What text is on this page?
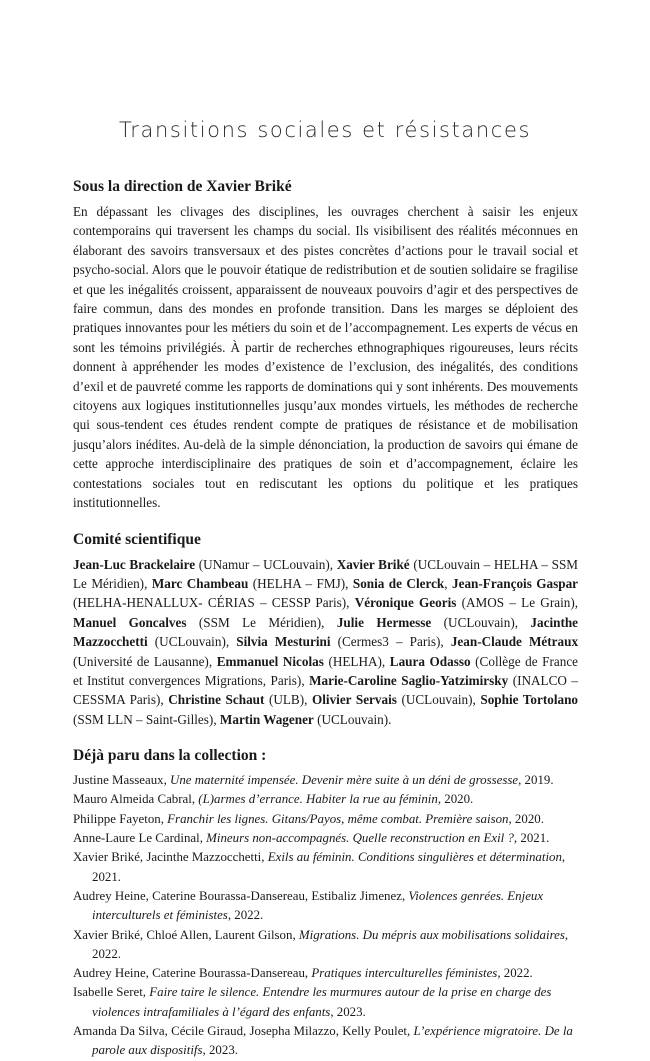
Transitions sociales et résistances
Sous la direction de Xavier Briké

En dépassant les clivages des disciplines, les ouvrages cherchent à saisir les enjeux contemporains qui traversent les champs du social. Ils visibilisent des réalités méconnues en élaborant des savoirs transversaux et des pistes concrètes d’actions pour le travail social et psycho-social. Alors que le pouvoir étatique de redistribution et de soutien solidaire se fragilise et que les inégalités croissent, apparaissent de nouveaux pouvoirs d’agir et des perspectives de faire commun, dans des mondes en profonde transition. Dans les marges se déploient des pratiques innovantes pour les métiers du soin et de l’accompagnement. Les experts de vécus en sont les témoins privilégiés. À partir de recherches ethnographiques rigoureuses, leurs récits donnent à appréhender les modes d’existence de l’exclusion, des inégalités, des conditions d’exil et de pauvreté comme les rapports de dominations qui y sont inhérents. Des mouvements citoyens aux logiques institutionnelles jusqu’aux mondes virtuels, les méthodes de recherche qui sous-tendent ces études rendent compte de pratiques de résistance et de mobilisation jusqu’alors inédites. Au-delà de la simple dénonciation, la production de savoirs qui émane de cette approche interdisciplinaire des pratiques de soin et d’accompagnement, éclaire les contestations sociales tout en rediscutant les options du politique et les pratiques institutionnelles.

Comité scientifique

Jean-Luc Brackelaire (UNamur – UCLouvain), Xavier Briké (UCLouvain – HELHA – SSM Le Méridien), Marc Chambeau (HELHA – FMJ), Sonia de Clerck, Jean-François Gaspar (HELHA-HENALLUX- CÉRIAS – CESSP Paris), Véronique Georis (AMOS – Le Grain), Manuel Goncalves (SSM Le Méridien), Julie Hermesse (UCLouvain), Jacinthe Mazzocchetti (UCLouvain), Silvia Mesturini (Cermes3 – Paris), Jean-Claude Métraux (Université de Lausanne), Emmanuel Nicolas (HELHA), Laura Odasso (Collège de France et Institut convergences Migrations, Paris), Marie-Caroline Saglio-Yatzimirsky (INALCO – CESSMA Paris), Christine Schaut (ULB), Olivier Servais (UCLouvain), Sophie Tortolano (SSM LLN – Saint-Gilles), Martin Wagener (UCLouvain).

Déjà paru dans la collection :
Justine Masseaux, Une maternité impensée. Devenir mère suite à un déni de grossesse, 2019.
Mauro Almeida Cabral, (L)armes d’errance. Habiter la rue au féminin, 2020.
Philippe Fayeton, Franchir les lignes. Gitans/Payos, même combat. Première saison, 2020.
Anne-Laure Le Cardinal, Mineurs non-accompagnés. Quelle reconstruction en Exil ?, 2021.
Xavier Briké, Jacinthe Mazzocchetti, Exils au féminin. Conditions singulières et détermination, 2021.
Audrey Heine, Caterine Bourassa-Dansereau, Estibaliz Jimenez, Violences genrées. Enjeux interculturels et féministes, 2022.
Xavier Briké, Chloé Allen, Laurent Gilson, Migrations. Du mépris aux mobilisations solidaires, 2022.
Audrey Heine, Caterine Bourassa-Dansereau, Pratiques interculturelles féministes, 2022.
Isabelle Seret, Faire taire le silence. Entendre les murmures autour de la prise en charge des violences intrafamiliales à l’égard des enfants, 2023.
Amanda Da Silva, Cécile Giraud, Josepha Milazzo, Kelly Poulet, L’expérience migratoire. De la parole aux dispositifs, 2023.
